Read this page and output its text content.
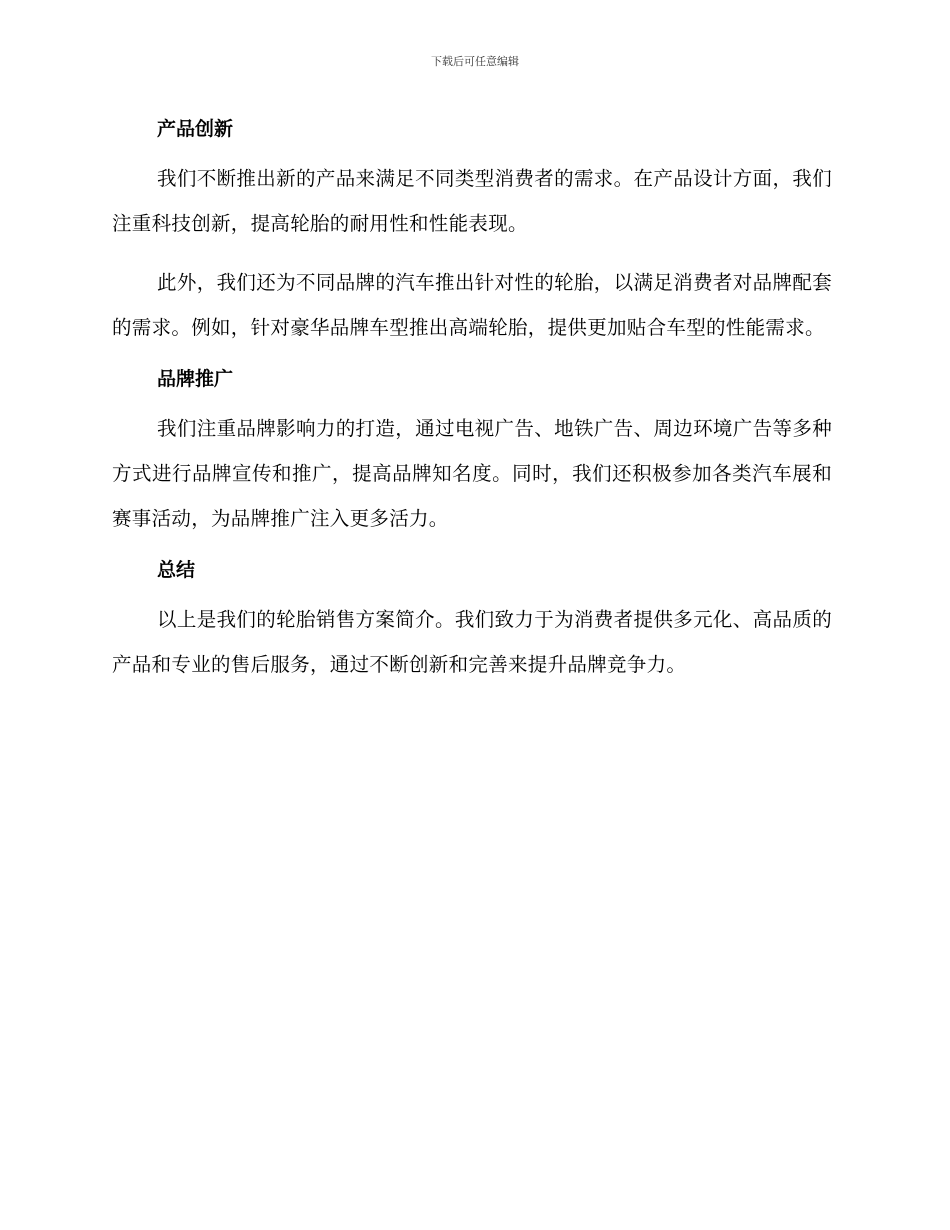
下载后可任意编辑
产品创新

我们不断推出新的产品来满足不同类型消费者的需求。在产品设计方面，我们注重科技创新，提高轮胎的耐用性和性能表现。

此外，我们还为不同品牌的汽车推出针对性的轮胎，以满足消费者对品牌配套的需求。例如，针对豪华品牌车型推出高端轮胎，提供更加贴合车型的性能需求。

品牌推广

我们注重品牌影响力的打造，通过电视广告、地铁广告、周边环境广告等多种方式进行品牌宣传和推广，提高品牌知名度。同时，我们还积极参加各类汽车展和赛事活动，为品牌推广注入更多活力。

总结

以上是我们的轮胎销售方案简介。我们致力于为消费者提供多元化、高品质的产品和专业的售后服务，通过不断创新和完善来提升品牌竞争力。
